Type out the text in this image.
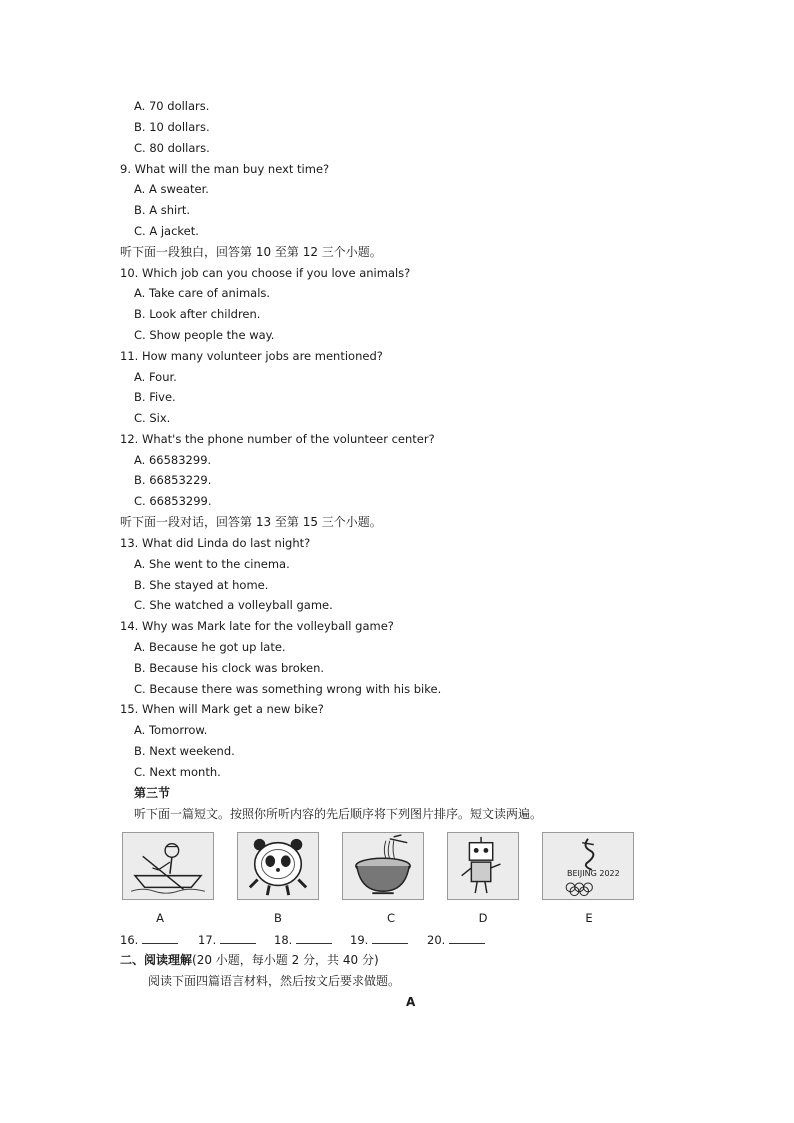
A. 70 dollars.
B. 10 dollars.
C. 80 dollars.
9. What will the man buy next time?
A. A sweater.
B. A shirt.
C. A jacket.
听下面一段独白，回答第 10 至第 12 三个小题。
10. Which job can you choose if you love animals?
A. Take care of animals.
B. Look after children.
C. Show people the way.
11. How many volunteer jobs are mentioned?
A. Four.
B. Five.
C. Six.
12. What's the phone number of the volunteer center?
A. 66583299.
B. 66853229.
C. 66853299.
听下面一段对话，回答第 13 至第 15 三个小题。
13. What did Linda do last night?
A. She went to the cinema.
B. She stayed at home.
C. She watched a volleyball game.
14. Why was Mark late for the volleyball game?
A. Because he got up late.
B. Because his clock was broken.
C. Because there was something wrong with his bike.
15. When will Mark get a new bike?
A. Tomorrow.
B. Next weekend.
C. Next month.
第三节
听下面一篇短文。按照你所听内容的先后顺序将下列图片排序。短文读两遍。
BEIJING 2022
A	B	C	D	E
16.	17.	18.	19.	20.
二、阅读理解(20 小题，每小题 2 分，共 40 分)
阅读下面四篇语言材料，然后按文后要求做题。
A
